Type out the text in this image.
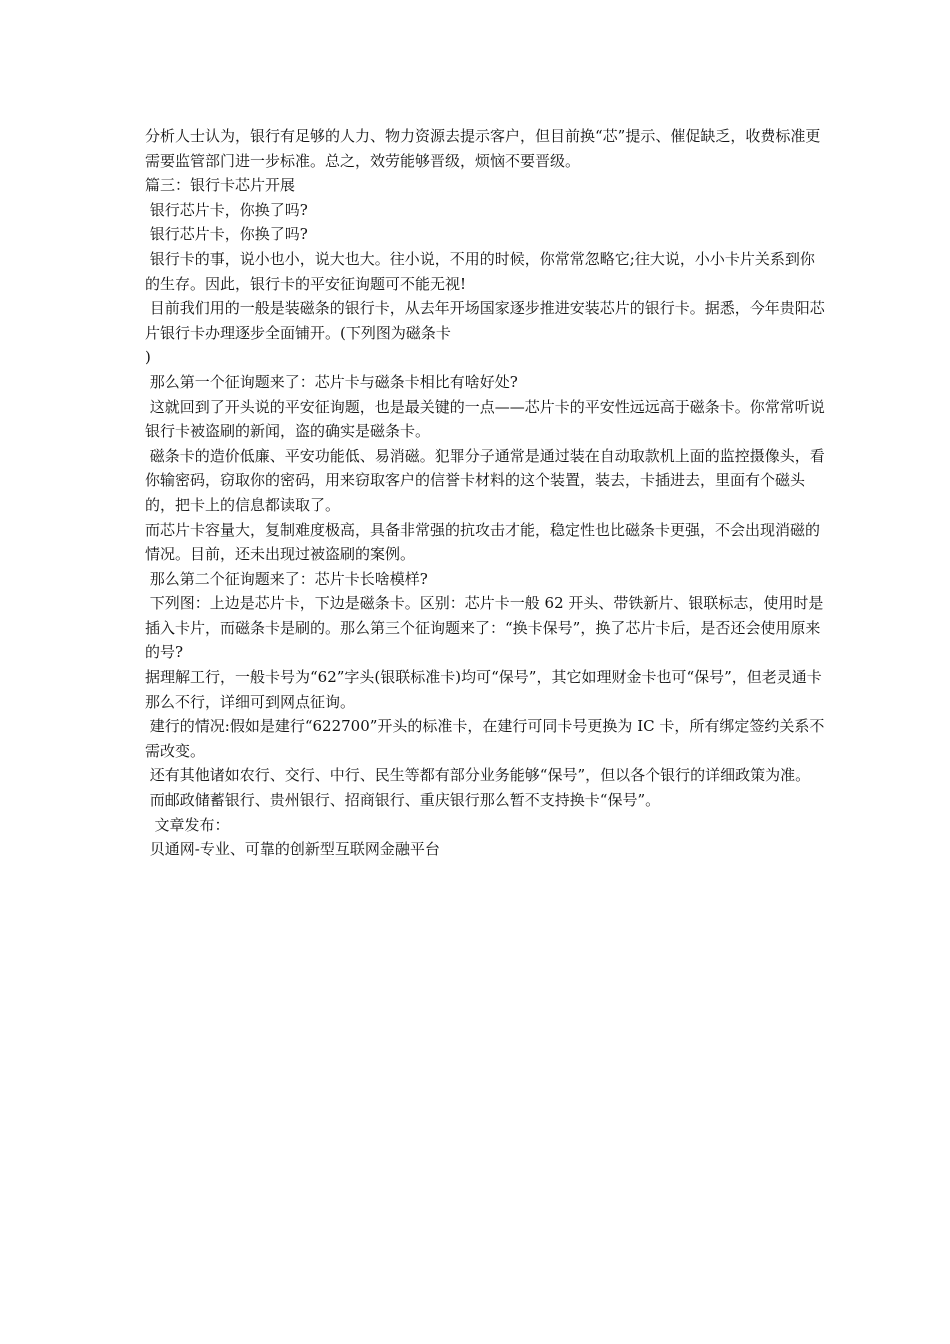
分析人士认为，银行有足够的人力、物力资源去提示客户，但目前换“芯”提示、催促缺乏，收费标准更需要监管部门进一步标准。总之，效劳能够晋级，烦恼不要晋级。

篇三：银行卡芯片开展

银行芯片卡，你换了吗?

银行芯片卡，你换了吗?

银行卡的事，说小也小，说大也大。往小说，不用的时候，你常常忽略它;往大说，小小卡片关系到你的生存。因此，银行卡的平安征询题可不能无视!

目前我们用的一般是装磁条的银行卡，从去年开场国家逐步推进安装芯片的银行卡。据悉，今年贵阳芯片银行卡办理逐步全面铺开。(下列图为磁条卡

)

那么第一个征询题来了：芯片卡与磁条卡相比有啥好处?

这就回到了开头说的平安征询题，也是最关键的一点——芯片卡的平安性远远高于磁条卡。你常常听说银行卡被盗刷的新闻，盗的确实是磁条卡。

磁条卡的造价低廉、平安功能低、易消磁。犯罪分子通常是通过装在自动取款机上面的监控摄像头，看你输密码，窃取你的密码，用来窃取客户的信誉卡材料的这个装置，装去，卡插进去，里面有个磁头的，把卡上的信息都读取了。

而芯片卡容量大，复制难度极高，具备非常强的抗攻击才能，稳定性也比磁条卡更强，不会出现消磁的情况。目前，还未出现过被盗刷的案例。

那么第二个征询题来了：芯片卡长啥模样?

下列图：上边是芯片卡，下边是磁条卡。区别：芯片卡一般 62 开头、带铁新片、银联标志，使用时是插入卡片，而磁条卡是刷的。那么第三个征询题来了：“换卡保号”，换了芯片卡后，是否还会使用原来的号?

据理解工行，一般卡号为“62”字头(银联标准卡)均可“保号”，其它如理财金卡也可“保号”，但老灵通卡那么不行，详细可到网点征询。

建行的情况:假如是建行“622700”开头的标准卡，在建行可同卡号更换为 IC 卡，所有绑定签约关系不需改变。

还有其他诸如农行、交行、中行、民生等都有部分业务能够“保号”，但以各个银行的详细政策为准。

而邮政储蓄银行、贵州银行、招商银行、重庆银行那么暂不支持换卡“保号”。

文章发布：

贝通网-专业、可靠的创新型互联网金融平台
